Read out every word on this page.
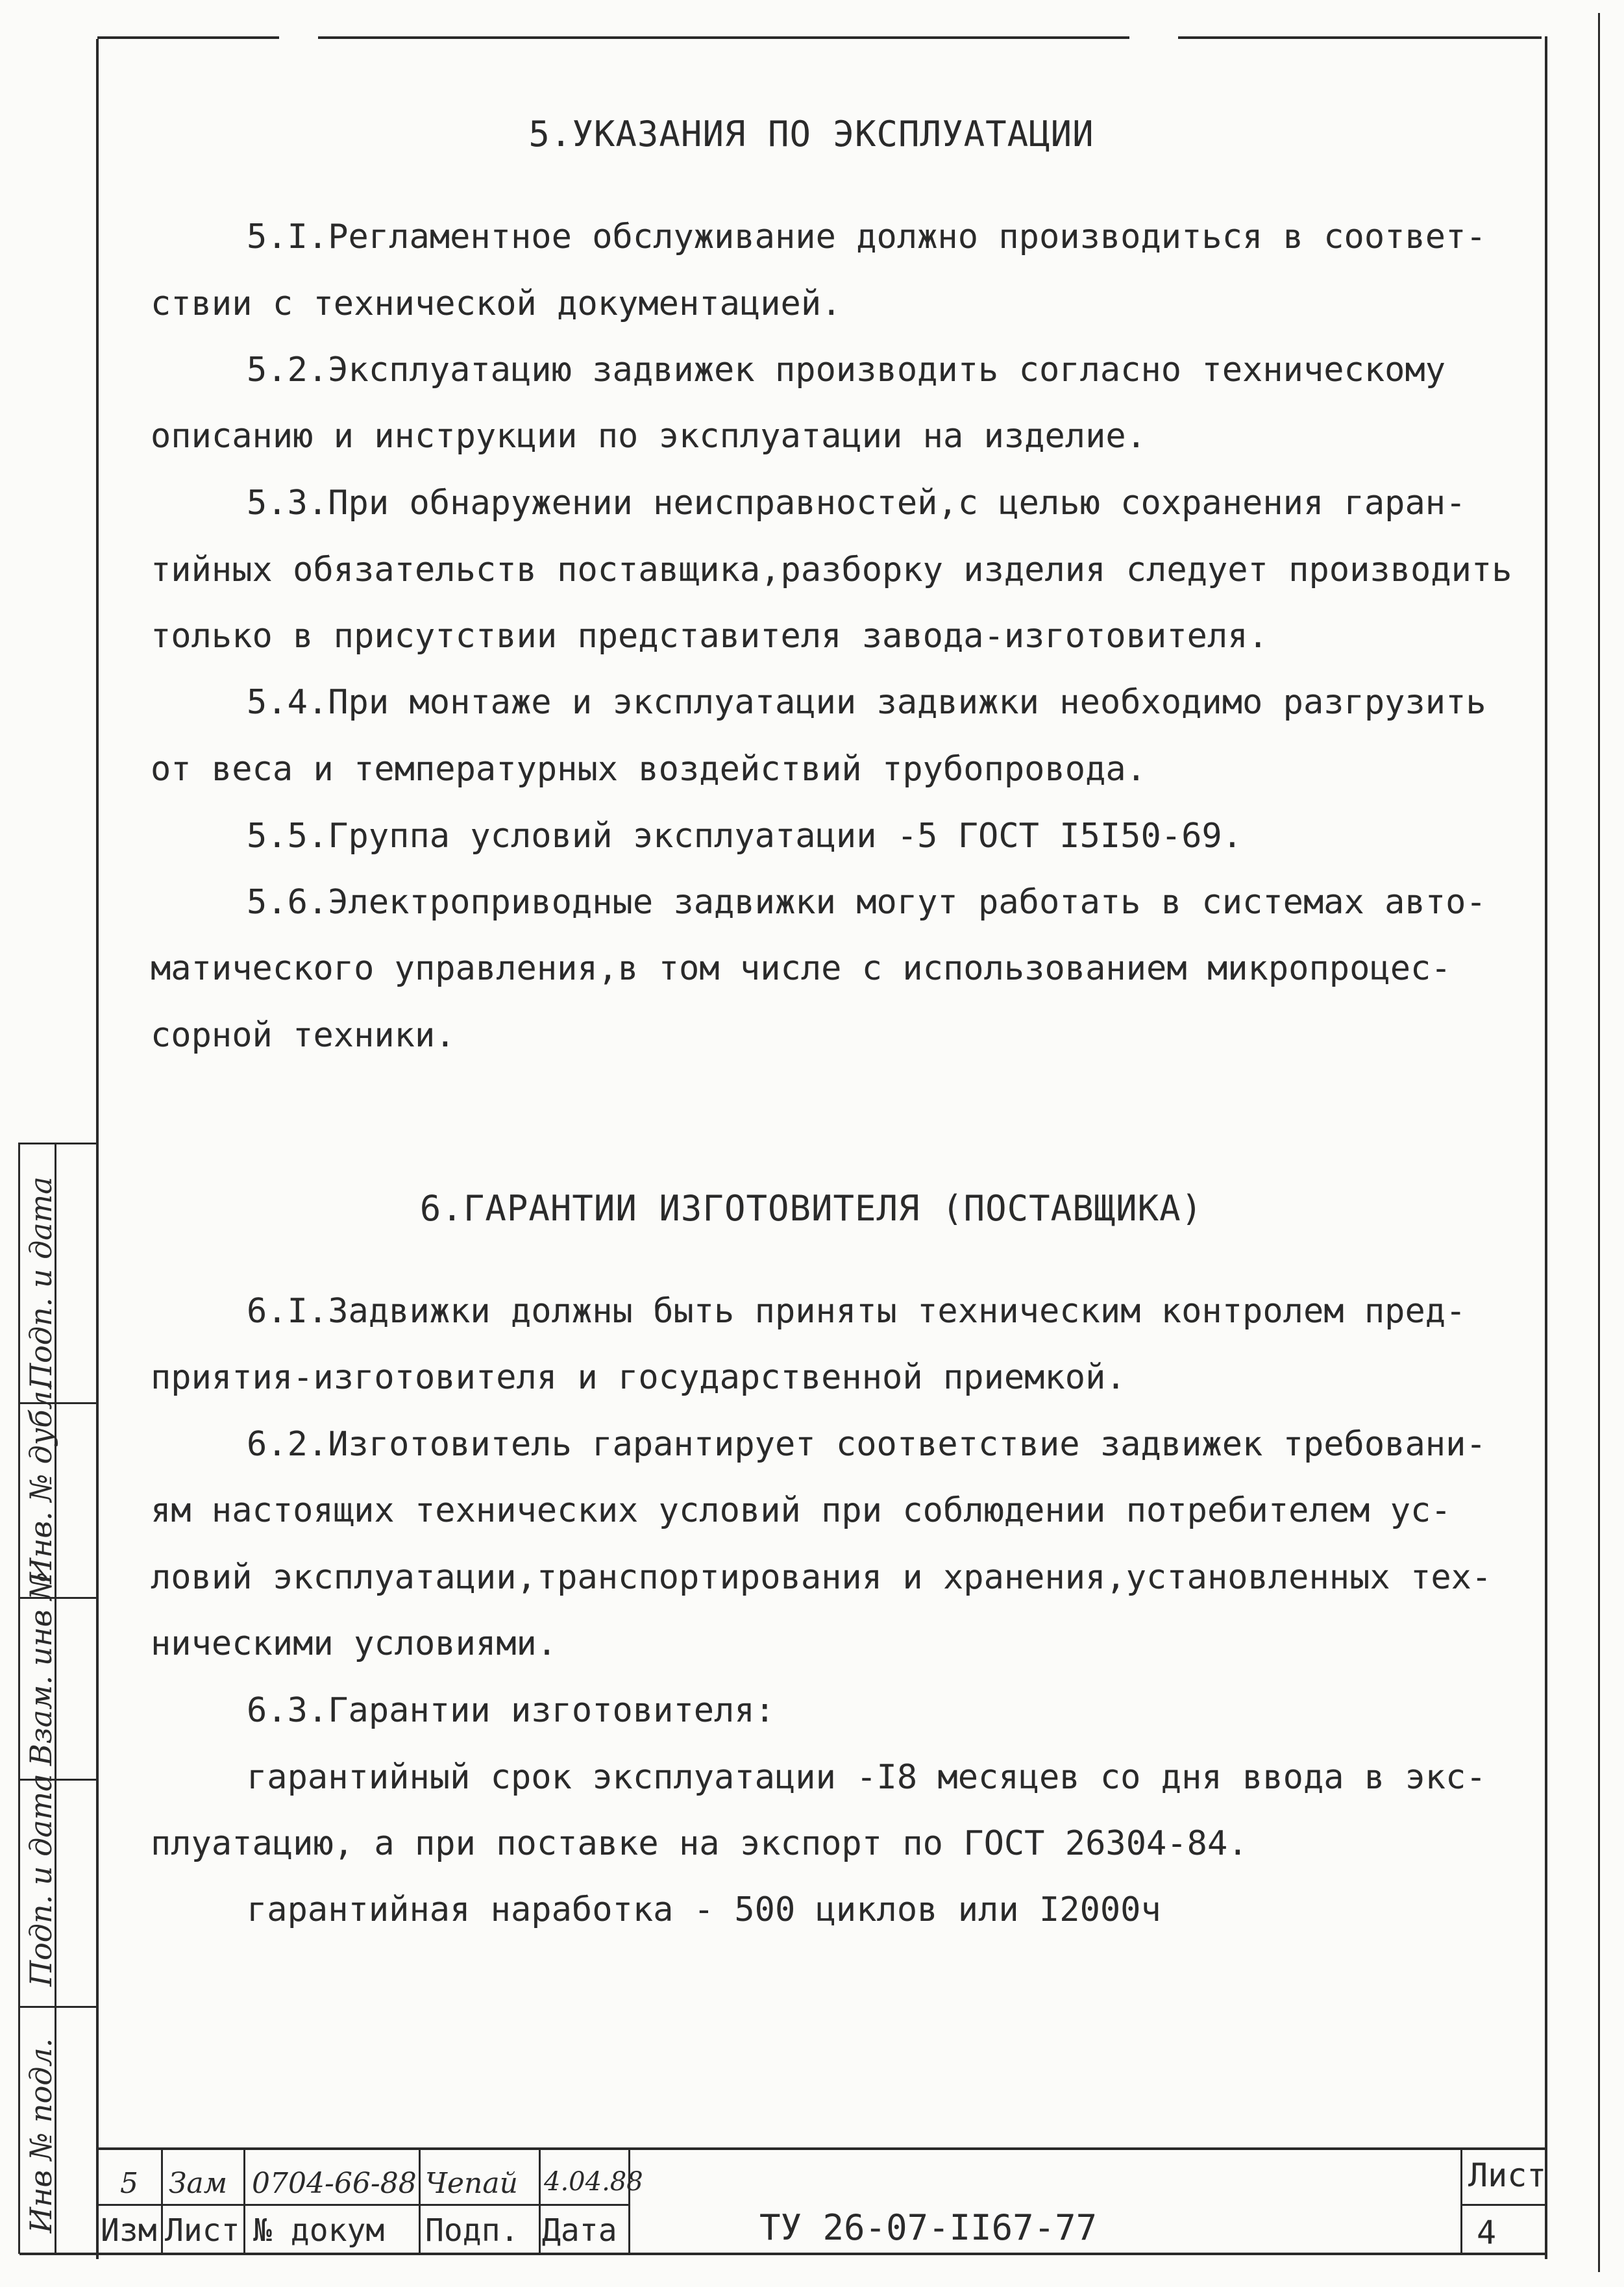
5.УКАЗАНИЯ ПО ЭКСПЛУАТАЦИИ
5.I.Регламентное обслуживание должно производиться в соответ-
ствии с технической документацией.
5.2.Эксплуатацию задвижек производить согласно техническому
описанию и инструкции по эксплуатации на изделие.
5.3.При обнаружении неисправностей,с целью сохранения гаран-
тийных обязательств поставщика,разборку изделия следует производить
только в присутствии представителя завода-изготовителя.
5.4.При монтаже и эксплуатации задвижки необходимо разгрузить
от веса и температурных воздействий трубопровода.
5.5.Группа условий эксплуатации -5 ГОСТ I5I50-69.
5.6.Электроприводные задвижки могут работать в системах авто-
матического управления,в том числе с использованием микропроцес-
сорной техники.
6.ГАРАНТИИ ИЗГОТОВИТЕЛЯ (ПОСТАВЩИКА)
6.I.Задвижки должны быть приняты техническим контролем пред-
приятия-изготовителя и государственной приемкой.
6.2.Изготовитель гарантирует соответствие задвижек требовани-
ям настоящих технических условий при соблюдении потребителем ус-
ловий эксплуатации,транспортирования и хранения,установленных тех-
ническими условиями.
6.3.Гарантии изготовителя:
гарантийный срок эксплуатации -I8 месяцев со дня ввода в экс-
плуатацию, а при поставке на экспорт по ГОСТ 26304-84.
гарантийная наработка - 500 циклов или I2000ч
Инв № подл.
Подп. и дата
Взам. инв №
Инв. № дубл.
Подп. и дата
5 Зам 0704-66-88 Чепай 4.04.88
Изм Лист № докум Подп. Дата	ТУ 26-07-II67-77
Лист
4
